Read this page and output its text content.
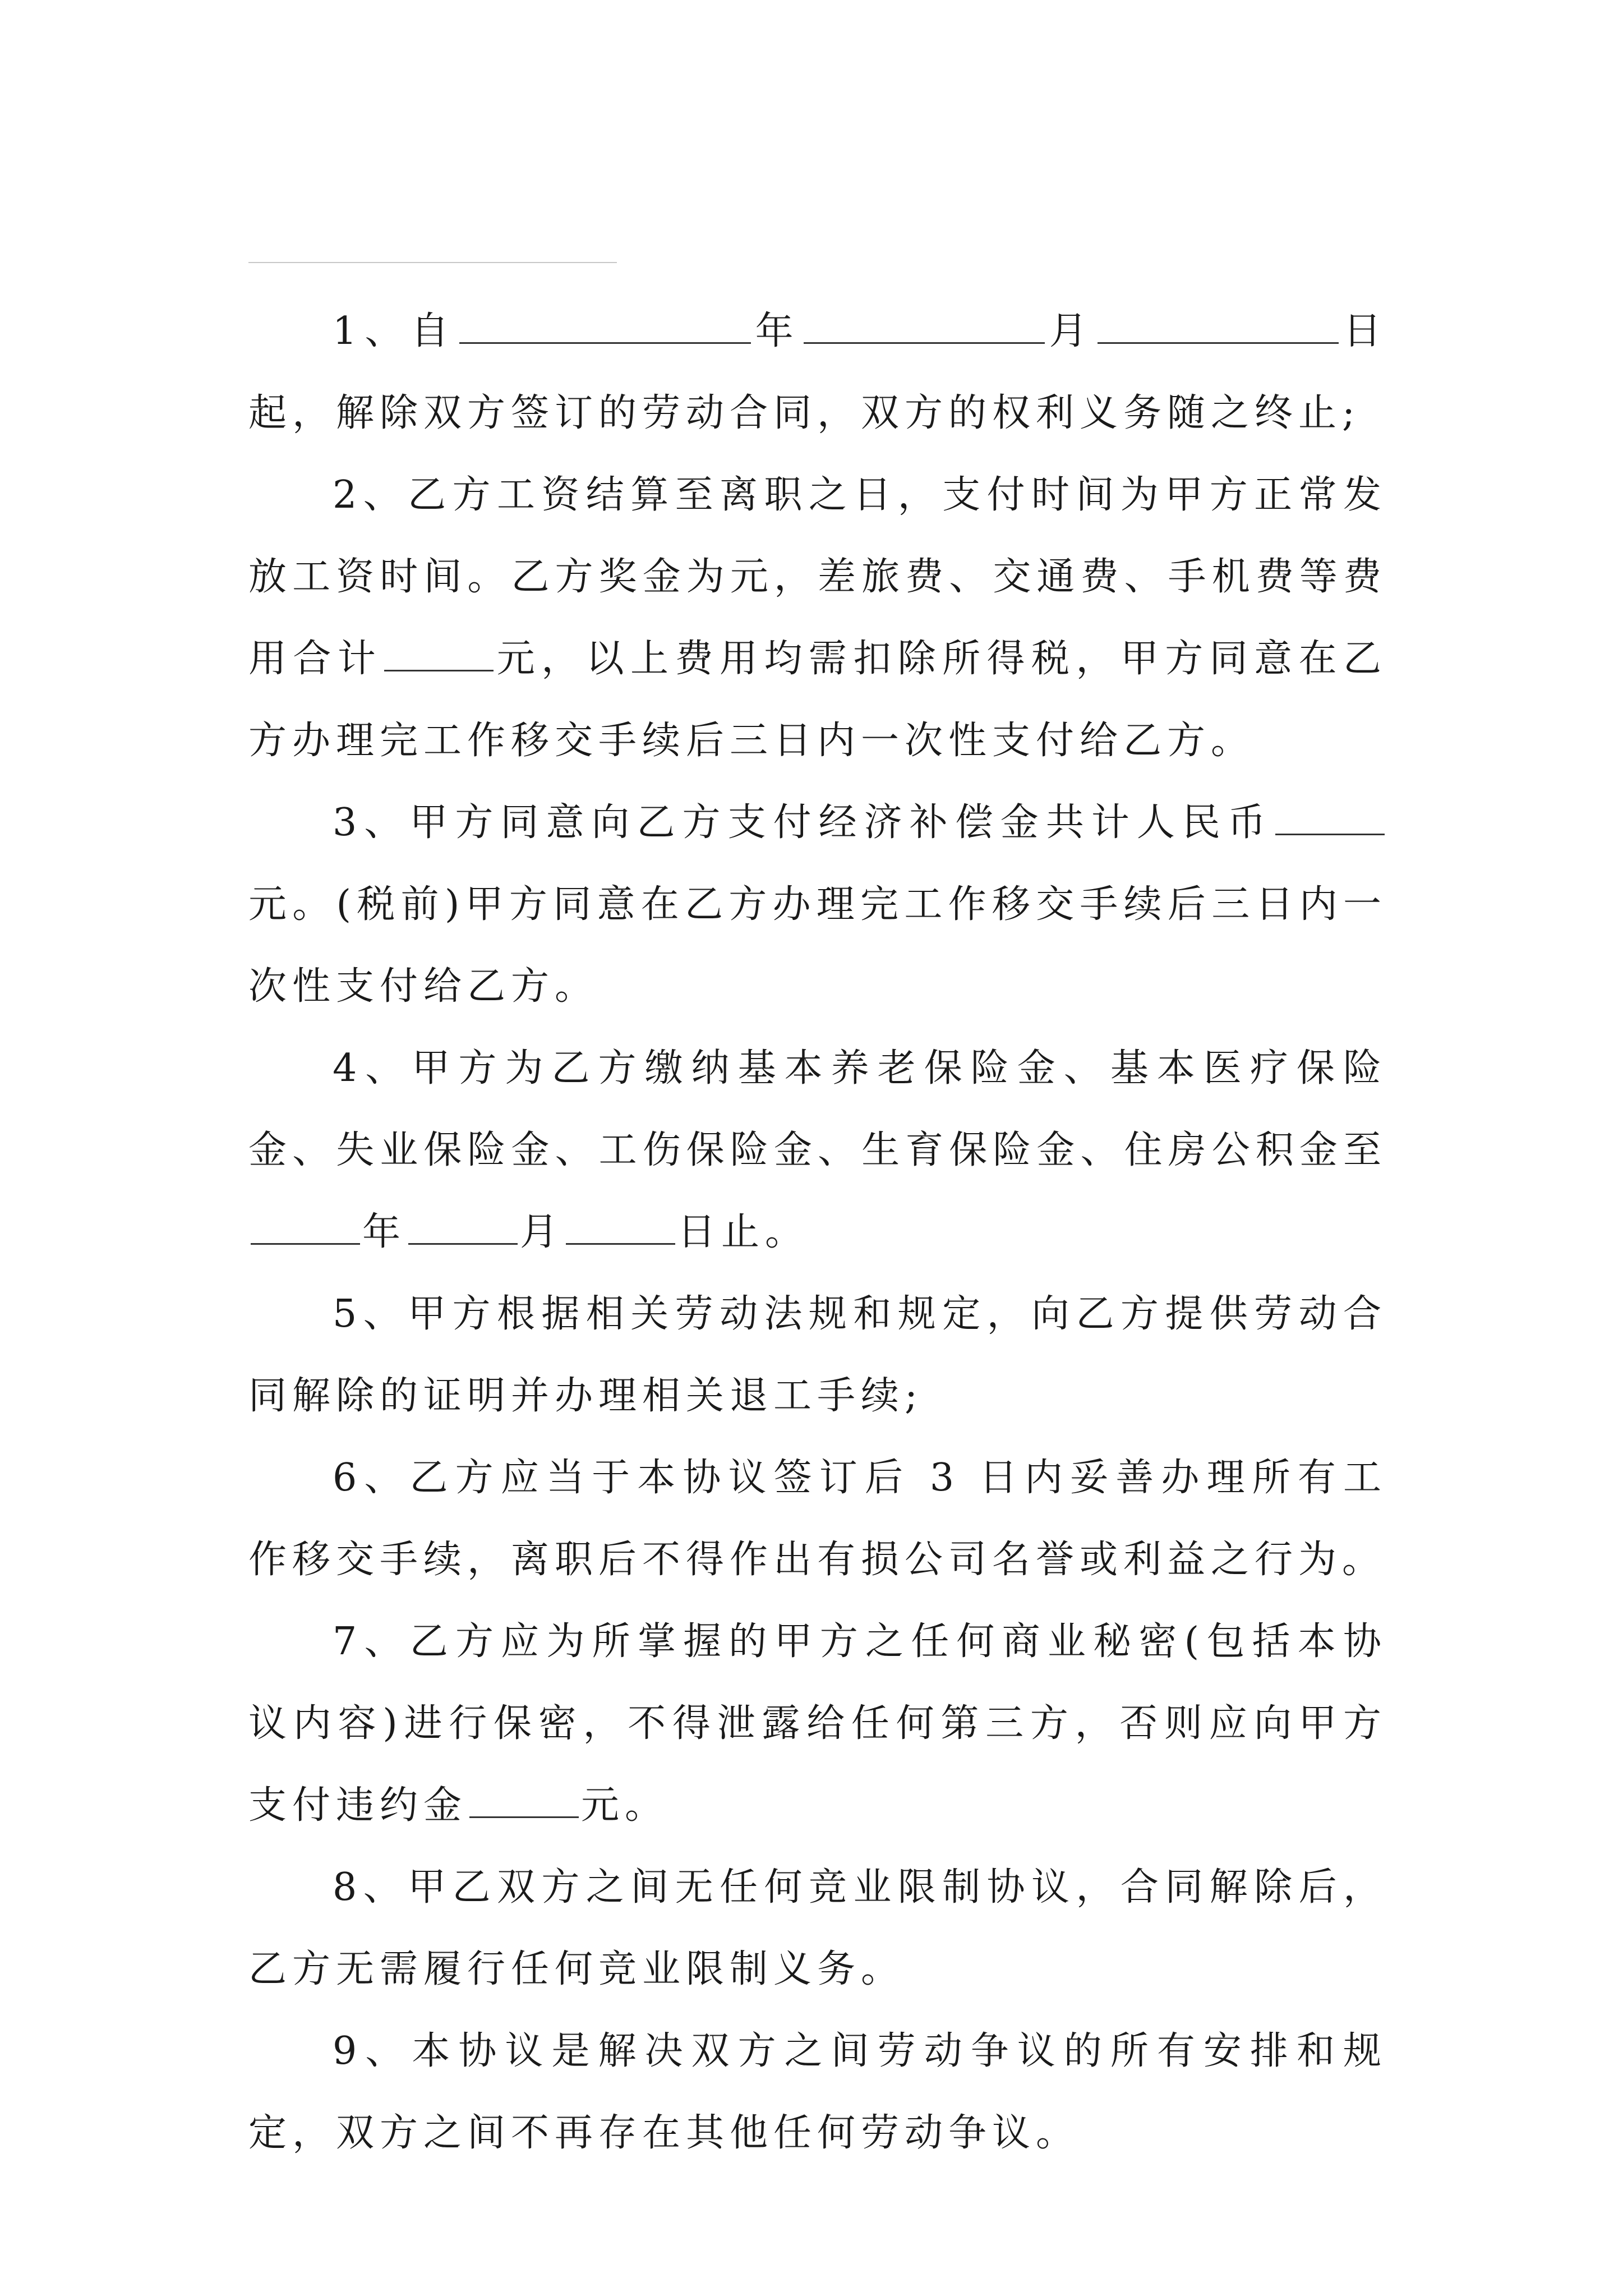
1、自	年	月	日起，解除双方签订的劳动合同，双方的权利义务随之终止;

2、乙方工资结算至离职之日，支付时间为甲方正常发放工资时间。乙方奖金为元，差旅费、交通费、手机费等费用合计	元，以上费用均需扣除所得税，甲方同意在乙方办理完工作移交手续后三日内一次性支付给乙方。

3、甲方同意向乙方支付经济补偿金共计人民币元。(税前)甲方同意在乙方办理完工作移交手续后三日内一次性支付给乙方。

4、甲方为乙方缴纳基本养老保险金、基本医疗保险金、失业保险金、工伤保险金、生育保险金、住房公积金至年	月	日止。

5、甲方根据相关劳动法规和规定，向乙方提供劳动合同解除的证明并办理相关退工手续;

6、乙方应当于本协议签订后 3 日内妥善办理所有工作移交手续，离职后不得作出有损公司名誉或利益之行为。

7、乙方应为所掌握的甲方之任何商业秘密(包括本协议内容)进行保密，不得泄露给任何第三方，否则应向甲方支付违约金	元。

8、甲乙双方之间无任何竞业限制协议，合同解除后，乙方无需履行任何竞业限制义务。

9、本协议是解决双方之间劳动争议的所有安排和规定，双方之间不再存在其他任何劳动争议。
